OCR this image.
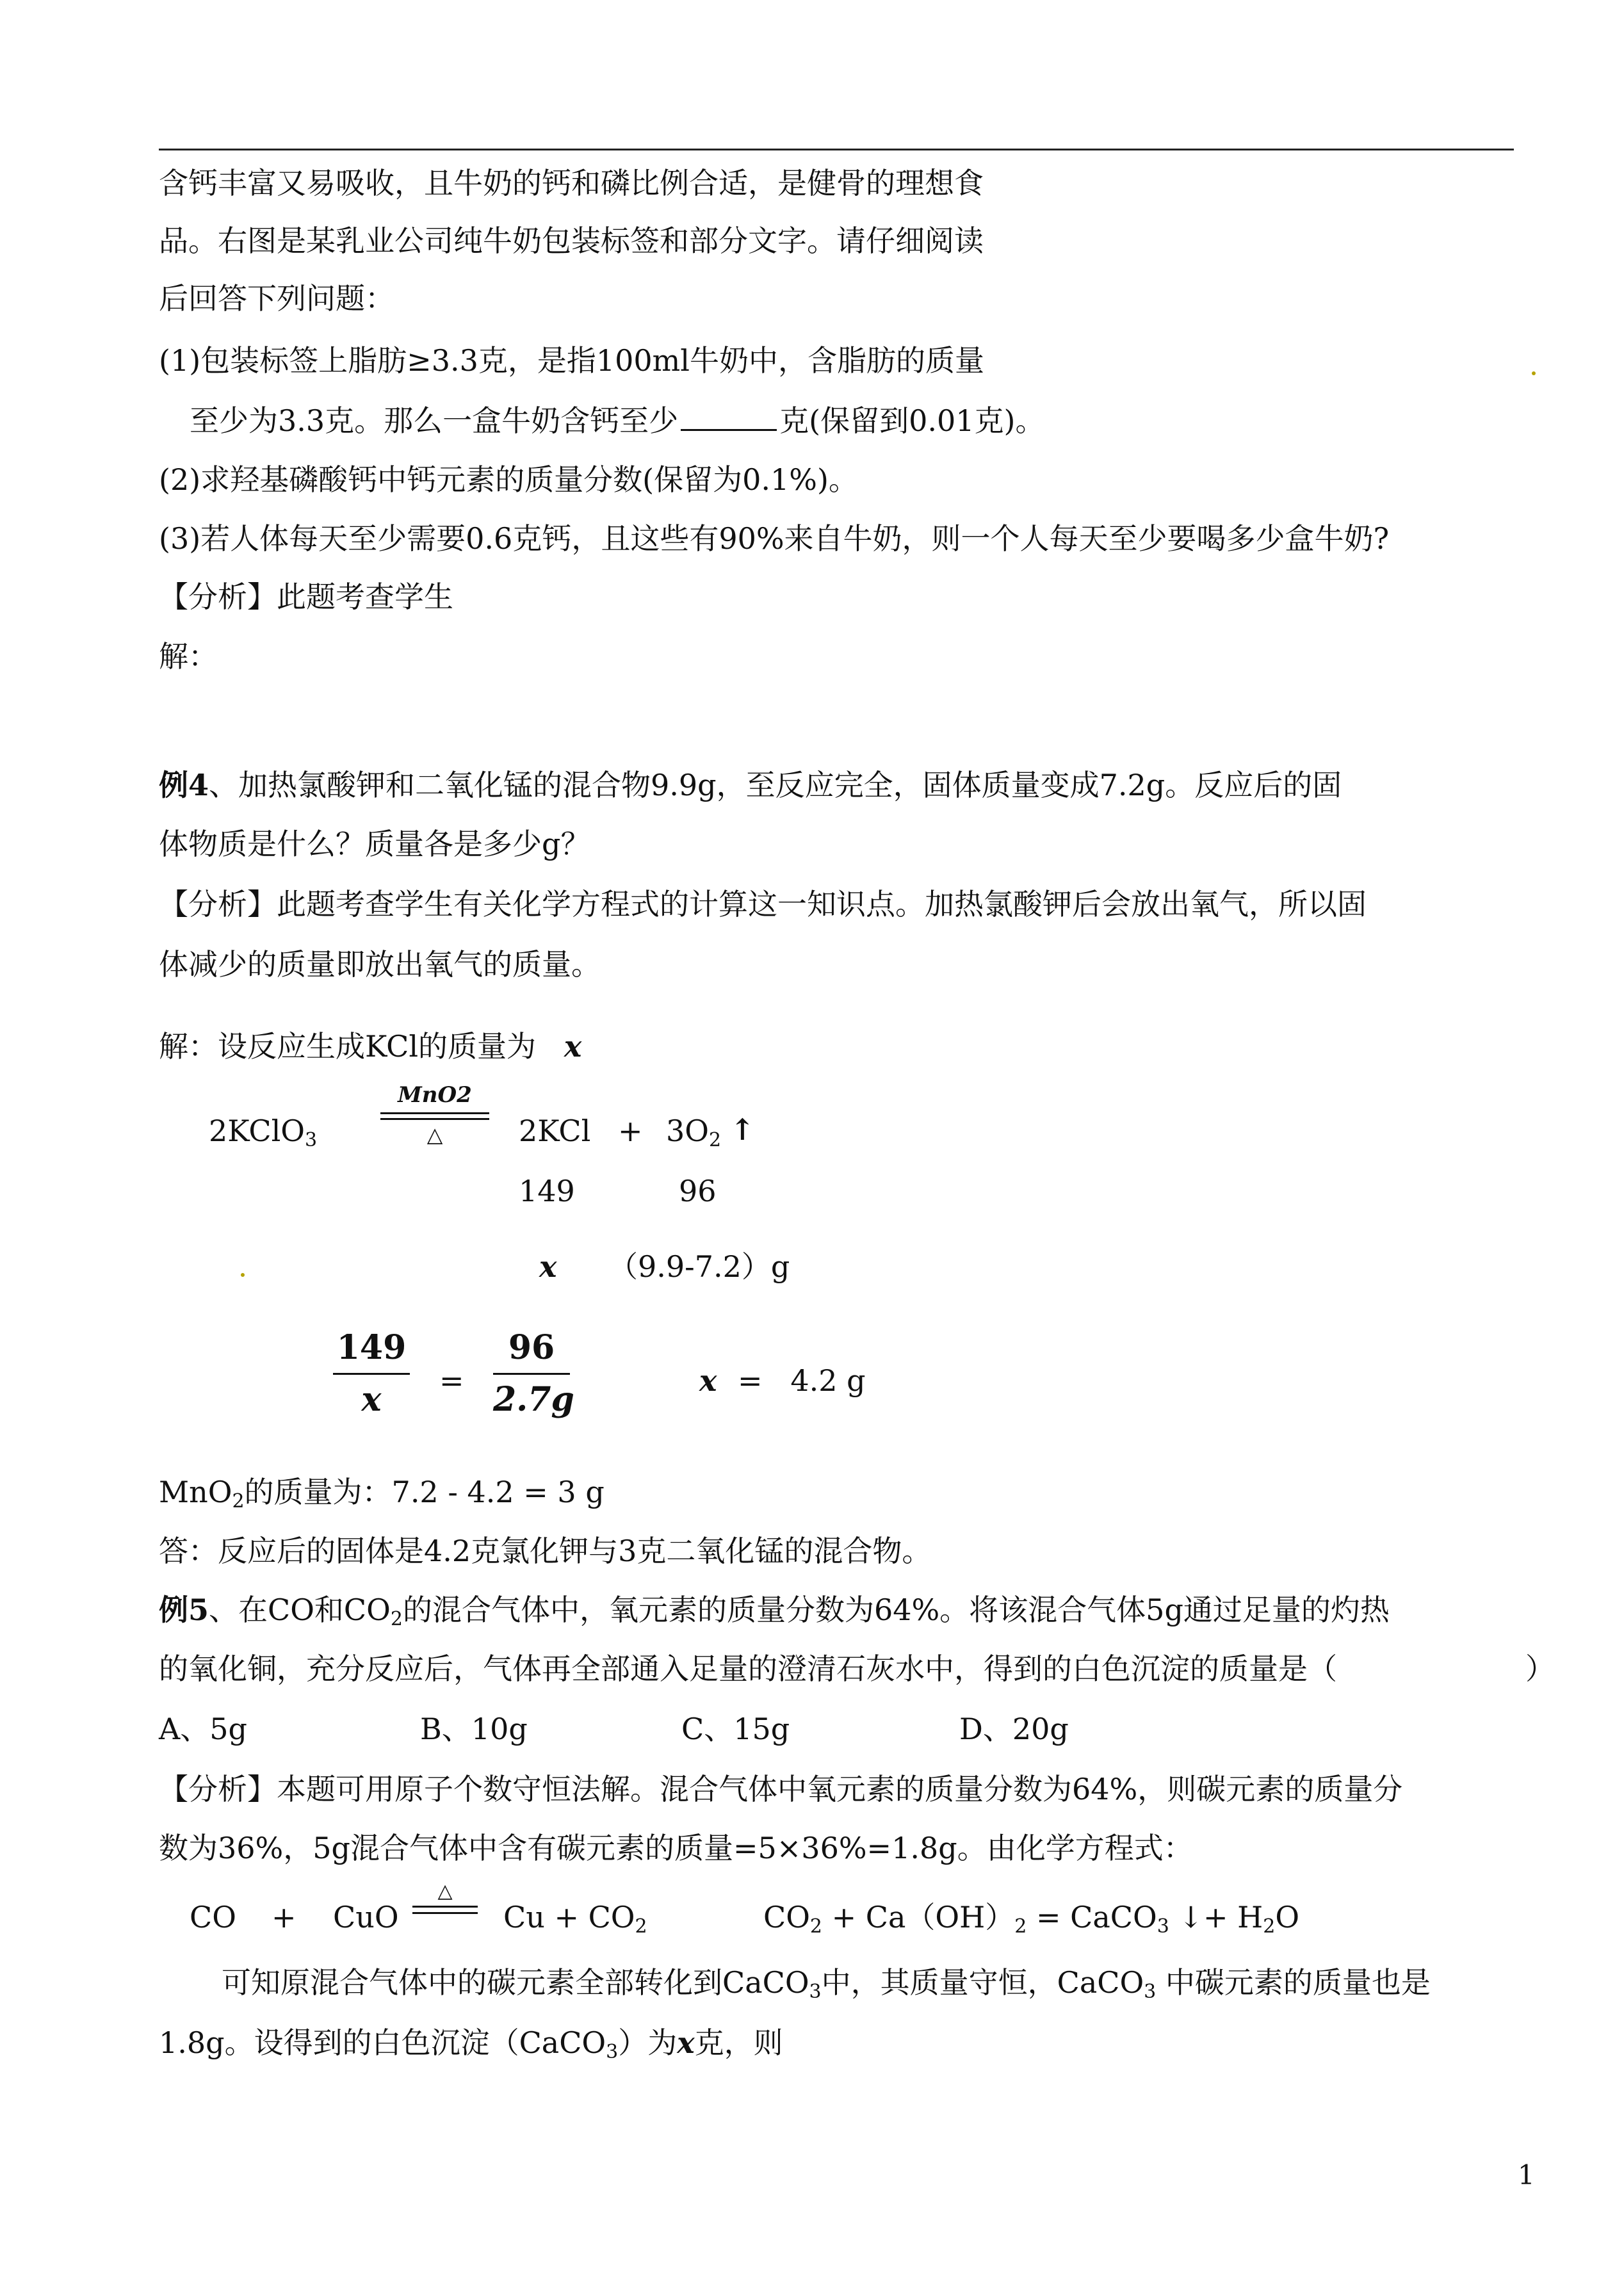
含钙丰富又易吸收，且牛奶的钙和磷比例合适，是健骨的理想食
品。右图是某乳业公司纯牛奶包装标签和部分文字。请仔细阅读
后回答下列问题：
(1)包装标签上脂肪≥3.3克，是指100ml牛奶中，含脂肪的质量
至少为3.3克。那么一盒牛奶含钙至少	克(保留到0.01克)。
(2)求羟基磷酸钙中钙元素的质量分数(保留为0.1%)。
(3)若人体每天至少需要0.6克钙，且这些有90%来自牛奶，则一个人每天至少要喝多少盒牛奶?
【分析】此题考查学生
解：
例4、加热氯酸钾和二氧化锰的混合物9.9g，至反应完全，固体质量变成7.2g。反应后的固
体物质是什么？质量各是多少g？
【分析】此题考查学生有关化学方程式的计算这一知识点。加热氯酸钾后会放出氧气，所以固
体减少的质量即放出氧气的质量。
解：设反应生成KCl的质量为 x
2KClO$_3$
MnO2
△	$2KCl + 3O_2$ ↑
149	96
x （9.9-7.2）g
149
x	=
96
2.7g	x =   4.2 g
MnO$_2$的质量为：7.2 - 4.2 = 3 g
答：反应后的固体是4.2克氯化钾与3克二氧化锰的混合物。
例5、在CO和$CO_2$的混合气体中，氧元素的质量分数为64%。将该混合气体5g通过足量的灼热
的氧化铜，充分反应后，气体再全部通入足量的澄清石灰水中，得到的白色沉淀的质量是（	）
A、5g	B、10g	C、15g	D、20g
【分析】本题可用原子个数守恒法解。混合气体中氧元素的质量分数为64%，则碳元素的质量分
数为36%，5g混合气体中含有碳元素的质量=5×36%=1.8g。由化学方程式：
CO + CuO
△
$Cu + CO_2$	$CO_2 + Ca(OH)_2$ = CaCO$_3$ ↓+ $H_2O$
可知原混合气体中的碳元素全部转化到CaCO$_3$中，其质量守恒，CaCO$_3$ 中碳元素的质量也是
1.8g。设得到的白色沉淀（CaCO$_3$）为x克，则
1
